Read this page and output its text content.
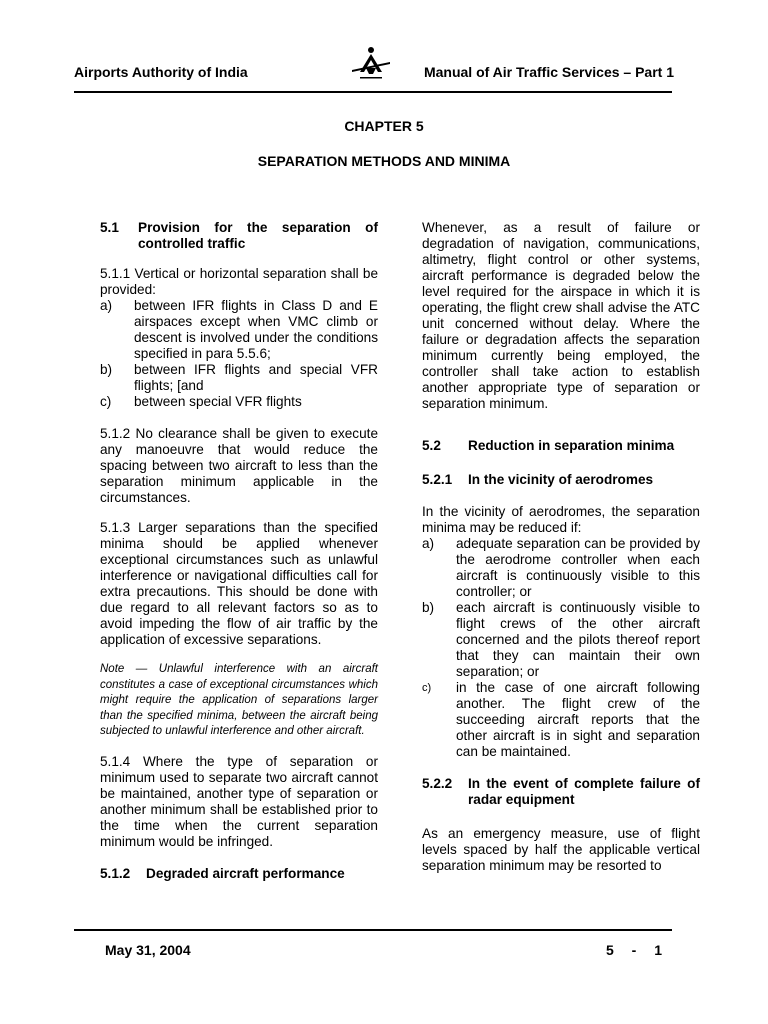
Airports Authority of India	Manual of Air Traffic Services – Part 1
CHAPTER 5
SEPARATION METHODS AND MINIMA
5.1	Provision for the separation of controlled traffic

5.1.1 Vertical or horizontal separation shall be provided:

a)	between IFR flights in Class D and E airspaces except when VMC climb or descent is involved under the conditions specified in para 5.5.6;
b)	between IFR flights and special VFR flights; [and
c)	between special VFR flights

5.1.2 No clearance shall be given to execute any manoeuvre that would reduce the spacing between two aircraft to less than the separation minimum applicable in the circumstances.

5.1.3 Larger separations than the specified minima should be applied whenever exceptional circumstances such as unlawful interference or navigational difficulties call for extra precautions. This should be done with due regard to all relevant factors so as to avoid impeding the flow of air traffic by the application of excessive separations.

Note — Unlawful interference with an aircraft constitutes a case of exceptional circumstances which might require the application of separations larger than the specified minima, between the aircraft being subjected to unlawful interference and other aircraft.

5.1.4 Where the type of separation or minimum used to separate two aircraft cannot be maintained, another type of separation or another minimum shall be established prior to the time when the current separation minimum would be infringed.

5.1.2	Degraded aircraft performance

Whenever, as a result of failure or degradation of navigation, communications, altimetry, flight control or other systems, aircraft performance is degraded below the level required for the airspace in which it is operating, the flight crew shall advise the ATC unit concerned without delay. Where the failure or degradation affects the separation minimum currently being employed, the controller shall take action to establish another appropriate type of separation or separation minimum.

5.2	Reduction in separation minima
5.2.1	In the vicinity of aerodromes

In the vicinity of aerodromes, the separation minima may be reduced if:

a)	adequate separation can be provided by the aerodrome controller when each aircraft is continuously visible to this controller; or
b)	each aircraft is continuously visible to flight crews of the other aircraft concerned and the pilots thereof report that they can maintain their own separation; or
c)	in the case of one aircraft following another. The flight crew of the succeeding aircraft reports that the other aircraft is in sight and separation can be maintained.
5.2.2	In the event of complete failure of radar equipment

As an emergency measure, use of flight levels spaced by half the applicable vertical separation minimum may be resorted to

May 31, 2004	5 - 1
